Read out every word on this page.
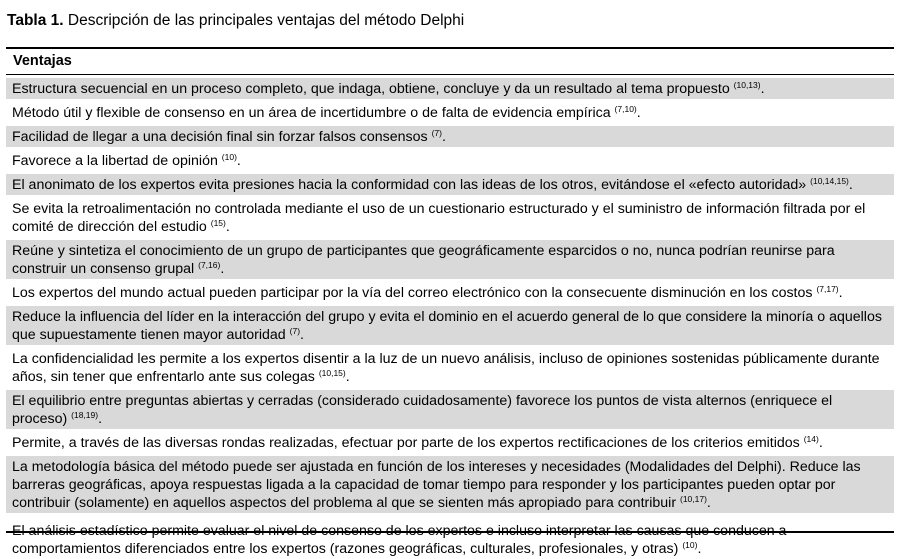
Tabla 1. Descripción de las principales ventajas del método Delphi
Ventajas
Estructura secuencial en un proceso completo, que indaga, obtiene, concluye y da un resultado al tema propuesto $^{(10,13)}$.
Método útil y flexible de consenso en un área de incertidumbre o de falta de evidencia empírica $^{(7,10)}$.
Facilidad de llegar a una decisión final sin forzar falsos consensos $^{(7)}$.
Favorece a la libertad de opinión $^{(10)}$.
El anonimato de los expertos evita presiones hacia la conformidad con las ideas de los otros, evitándose el «efecto autoridad» $^{(10,14,15)}$.
Se evita la retroalimentación no controlada mediante el uso de un cuestionario estructurado y el suministro de información filtrada por el comité de dirección del estudio $^{(15)}$.
Reúne y sintetiza el conocimiento de un grupo de participantes que geográficamente esparcidos o no, nunca podrían reunirse para construir un consenso grupal $^{(7,16)}$.
Los expertos del mundo actual pueden participar por la vía del correo electrónico con la consecuente disminución en los costos $^{(7,17)}$.
Reduce la influencia del líder en la interacción del grupo y evita el dominio en el acuerdo general de lo que considere la minoría o aquellos que supuestamente tienen mayor autoridad $^{(7)}$.
La confidencialidad les permite a los expertos disentir a la luz de un nuevo análisis, incluso de opiniones sostenidas públicamente durante años, sin tener que enfrentarlo ante sus colegas $^{(10,15)}$.
El equilibrio entre preguntas abiertas y cerradas (considerado cuidadosamente) favorece los puntos de vista alternos (enriquece el proceso) $^{(18,19)}$.
Permite, a través de las diversas rondas realizadas, efectuar por parte de los expertos rectificaciones de los criterios emitidos $^{(14)}$.
La metodología básica del método puede ser ajustada en función de los intereses y necesidades (Modalidades del Delphi). Reduce las barreras geográficas, apoya respuestas ligada a la capacidad de tomar tiempo para responder y los participantes pueden optar por contribuir (solamente) en aquellos aspectos del problema al que se sienten más apropiado para contribuir $^{(10,17)}$.
El análisis estadístico permite evaluar el nivel de consenso de los expertos e incluso interpretar las causas que conducen a comportamientos diferenciados entre los expertos (razones geográficas, culturales, profesionales, y otras) $^{(10)}$.
